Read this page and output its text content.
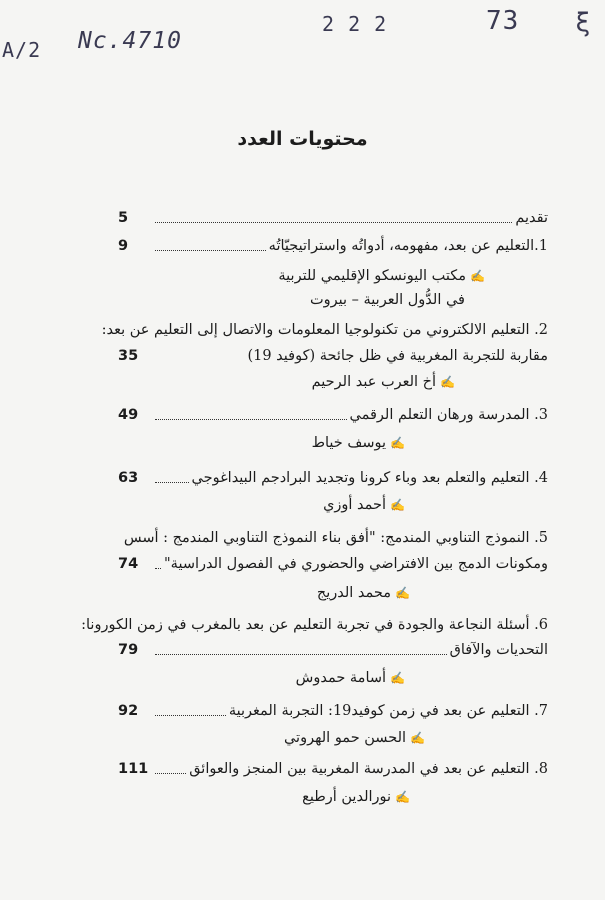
A/2 Nc.4710
2 2 2	73 ξ
محتويات العدد
تقديم
5
1.التعليم عن بعد، مفهومه، أدواتُه واستراتيجيّاتُه
9
✍مكتب اليونسكو الإقليمي للتربية
في الدُّول العربية – بيروت
2. التعليم الالكتروني من تكنولوجيا المعلومات والاتصال إلى التعليم عن بعد:
مقاربة للتجربة المغربية في ظل جائحة (كوفيد 19)
35
✍أخ العرب عبد الرحيم
3. المدرسة ورهان التعلم الرقمي
49
✍يوسف خياط
4. التعليم والتعلم بعد وباء كرونا وتجديد البرادجم البيداغوجي
63
✍أحمد أوزي
5. النموذج التناوبي المندمج: "أفق بناء النموذج التناوبي المندمج : أسس
ومكونات الدمج بين الافتراضي والحضوري في الفصول الدراسية"
74
✍محمد الدريج
6. أسئلة النجاعة والجودة في تجربة التعليم عن بعد بالمغرب في زمن الكورونا:
التحديات والآفاق
79
✍أسامة حمدوش
7. التعليم عن بعد في زمن كوفيد19: التجربة المغربية
92
✍الحسن حمو الهروتي
8. التعليم عن بعد في المدرسة المغربية بين المنجز والعوائق
111
✍نورالدين أرطيع
